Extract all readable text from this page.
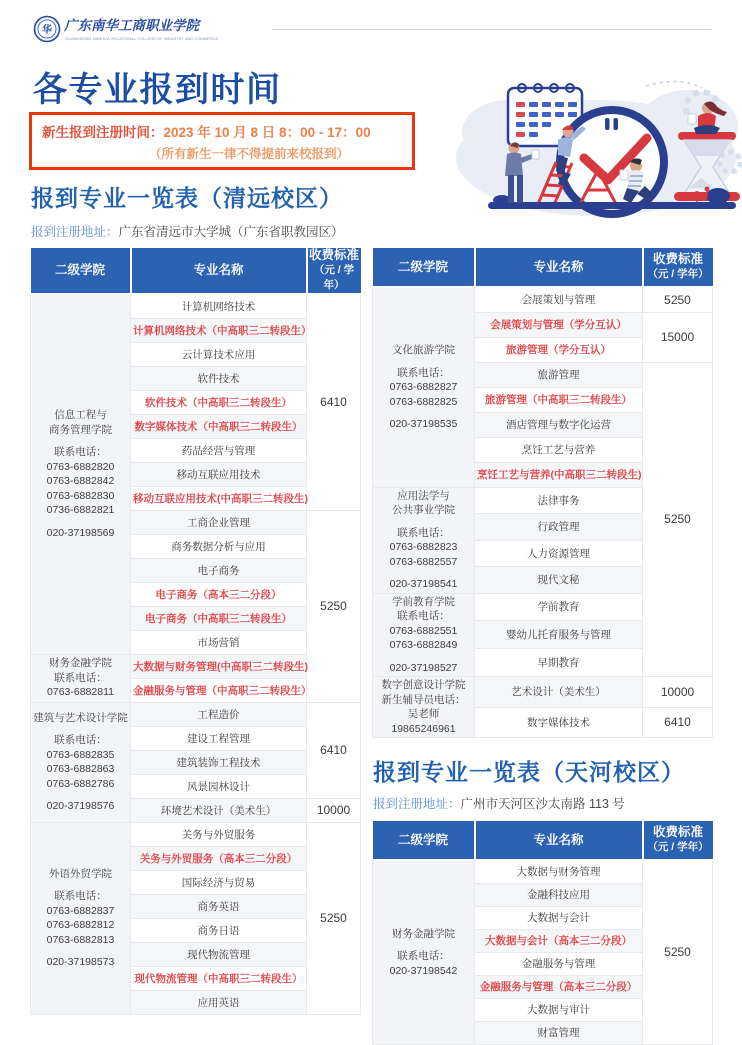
华 广东南华工商职业学院
GUANGDONG NANHUA VOCATIONAL COLLEGE OF INDUSTRY AND COMMERCE
各专业报到时间
新生报到注册时间：2023 年 10 月 8 日 8：00 - 17：00
（所有新生一律不得提前来校报到）
报到专业一览表（清远校区）
报到注册地址：广东省清远市大学城（广东省职教园区）
二级学院	专业名称	收费标准
（元 / 学年）

信息工程与
商务管理学院
联系电话：
0763-6882820
0763-6882842
0763-6882830
0736-6882821
020-37198569
	计算机网络技术	6410
	计算机网络技术（中高职三二转段生）	
	云计算技术应用	
	软件技术	
	软件技术（中高职三二转段生）	
	数字媒体技术（中高职三二转段生）	
	药品经营与管理	
	移动互联应用技术	
	移动互联应用技术(中高职三二转段生)	
	工商企业管理	5250
	商务数据分析与应用	
	电子商务	
	电子商务（高本三二分段）	
	电子商务（中高职三二转段生）	
	市场营销	

财务金融学院
联系电话：
0763-6882811	大数据与财务管理(中高职三二转段生)	
	金融服务与管理（中高职三二转段生）	

建筑与艺术设计学院
联系电话：
0763-6882835
0763-6882863
0763-6882786
020-37198576
	工程造价	6410
	建设工程管理	
	建筑装饰工程技术	
	风景园林设计	
	环境艺术设计（美术生）	10000

外语外贸学院
联系电话：
0763-6882837
0763-6882812
0763-6882813
020-37198573
	关务与外贸服务	5250
	关务与外贸服务（高本三二分段）	
	国际经济与贸易	
	商务英语	
	商务日语	
	现代物流管理	
	现代物流管理（中高职三二转段生）	
	应用英语	
二级学院	专业名称	收费标准
（元 / 学年）

文化旅游学院
联系电话：
0763-6882827
0763-6882825
020-37198535	会展策划与管理	5250
	会展策划与管理（学分互认）	15000
	旅游管理（学分互认）	
	旅游管理	5250
	旅游管理（中高职三二转段生）	
	酒店管理与数字化运营	
	烹饪工艺与营养	
	烹饪工艺与营养(中高职三二转段生)	

应用法学与
公共事业学院
联系电话：
0763-6882823
0763-6882557
020-37198541
	法律事务
	行政管理	
	人力资源管理	
	现代文秘	

学前教育学院
联系电话：
0763-6882551
0763-6882849
020-37198527	学前教育	
	婴幼儿托育服务与管理	
	早期教育	

数字创意设计学院
新生辅导员电话：
吴老师 19865246961	艺术设计（美术生）	10000
	数字媒体技术	6410
报到专业一览表（天河校区）
报到注册地址：广州市天河区沙太南路 113 号
二级学院	专业名称	收费标准
（元 / 学年）

财务金融学院
联系电话：
020-37198542	大数据与财务管理	5250
	金融科技应用	
	大数据与会计	
	大数据与会计（高本三二分段）	
	金融服务与管理	
	金融服务与管理（高本三二分段）	
	大数据与审计	
	财富管理	
